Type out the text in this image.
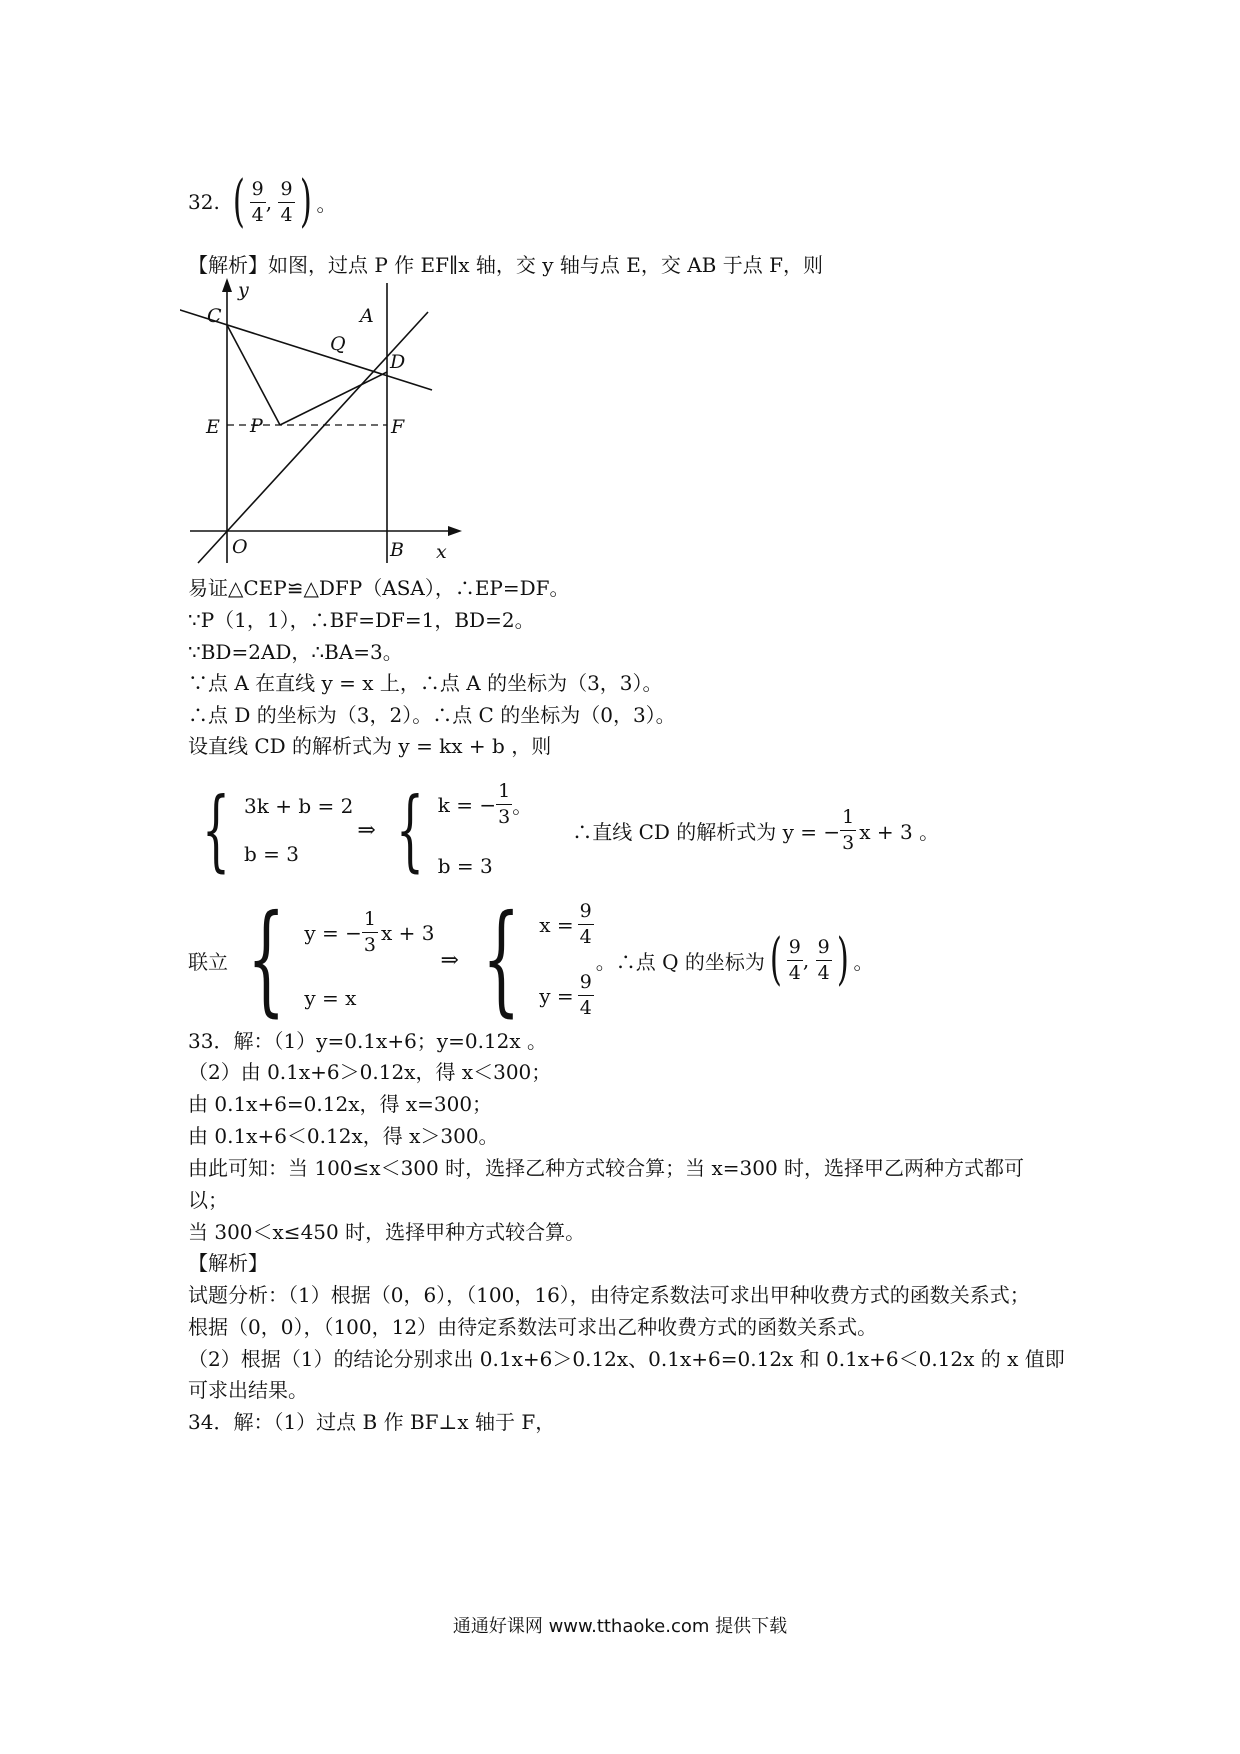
32. ( $\frac{9}{4}$ , $\frac{9}{4}$ ) 。
【解析】如图，过点 P 作 EF∥x 轴，交 y 轴与点 E，交 AB 于点 F，则
y
C	A
Q
D
E P	F
O	B x
易证△CEP≌△DFP（ASA），∴EP=DF。
∵P（1，1），∴BF=DF=1，BD=2。
∵BD=2AD，∴BA=3。
∵点 A 在直线 y = x 上，∴点 A 的坐标为（3，3）。
∴点 D 的坐标为（3，2）。∴点 C 的坐标为（0，3）。
设直线 CD 的解析式为 y = kx + b ，则
{ 3k + b = 2
b = 3
⇒ { k = − $\frac{1}{3}$ 。
b = 3
∴直线 CD 的解析式为 y = − $\frac{1}{3}$ x + 3 。
联立 { y = − $\frac{1}{3}$ x + 3
y = x
⇒ { $x = \frac{9}{4}$
$y = \frac{9}{4}$
。∴点 Q 的坐标为 ( $\frac{9}{4}$ , $\frac{9}{4}$ ) 。
33．解：（1）y=0.1x+6；y=0.12x 。
（2）由 0.1x+6＞0.12x，得 x＜300；
由 0.1x+6=0.12x，得 x=300；
由 0.1x+6＜0.12x，得 x＞300。
由此可知：当 100≤x＜300 时，选择乙种方式较合算；当 x=300 时，选择甲乙两种方式都可
以；
当 300＜x≤450 时，选择甲种方式较合算。
【解析】
试题分析：（1）根据（0，6），（100，16），由待定系数法可求出甲种收费方式的函数关系式；
根据（0，0），（100，12）由待定系数法可求出乙种收费方式的函数关系式。
（2）根据（1）的结论分别求出 0.1x+6＞0.12x、0.1x+6=0.12x 和 0.1x+6＜0.12x 的 x 值即
可求出结果。
34．解：（1）过点 B 作 BF⊥x 轴于 F，
通通好课网 www.tthaoke.com 提供下载
